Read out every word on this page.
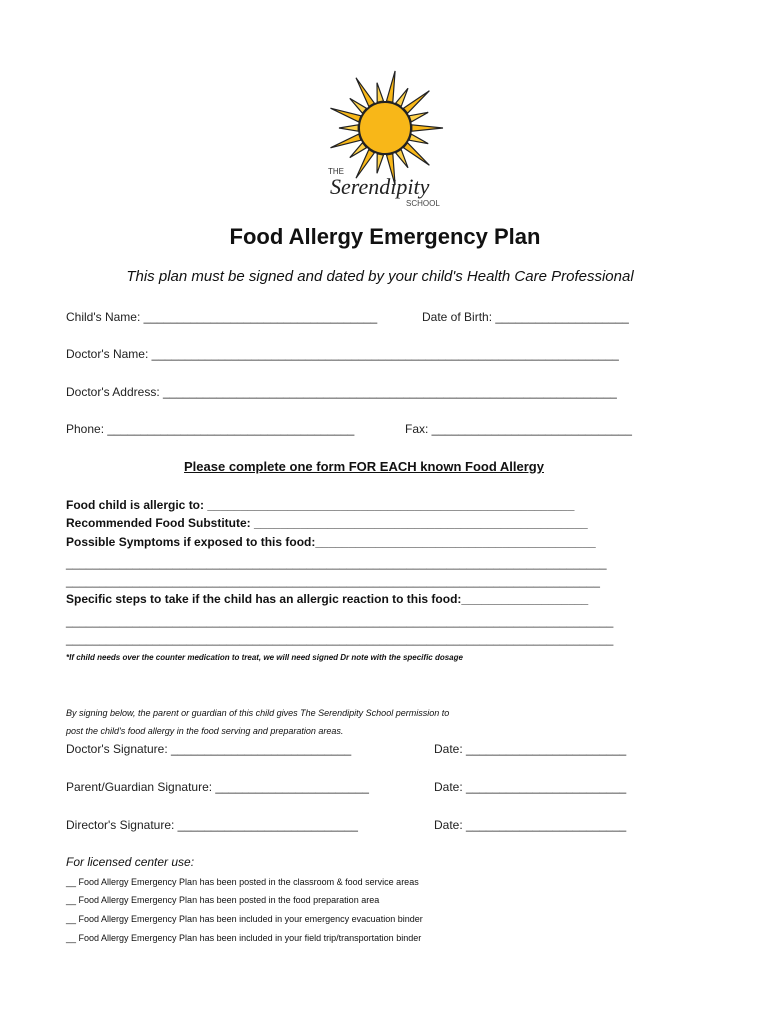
THE
Serendipity
SCHOOL
Food Allergy Emergency Plan
This plan must be signed and dated by your child's Health Care Professional
Child's Name: ___________________________________	Date of Birth: ____________________
Doctor's Name: ______________________________________________________________________
Doctor's Address: ____________________________________________________________________
Phone: _____________________________________	Fax: ______________________________
Please complete one form FOR EACH known Food Allergy
Food child is allergic to: _______________________________________________________
Recommended Food Substitute: __________________________________________________
Possible Symptoms if exposed to this food:__________________________________________
_________________________________________________________________________________
________________________________________________________________________________
Specific steps to take if the child has an allergic reaction to this food:___________________
__________________________________________________________________________________
__________________________________________________________________________________
*If child needs over the counter medication to treat, we will need signed Dr note with the specific dosage
By signing below, the parent or guardian of this child gives The Serendipity School permission to
post the child's food allergy in the food serving and preparation areas.
Doctor's Signature: ___________________________	Date: ________________________
Parent/Guardian Signature: _______________________	Date: ________________________
Director's Signature: ___________________________	Date: ________________________
For licensed center use:
__ Food Allergy Emergency Plan has been posted in the classroom & food service areas
__ Food Allergy Emergency Plan has been posted in the food preparation area
__ Food Allergy Emergency Plan has been included in your emergency evacuation binder
__ Food Allergy Emergency Plan has been included in your field trip/transportation binder
